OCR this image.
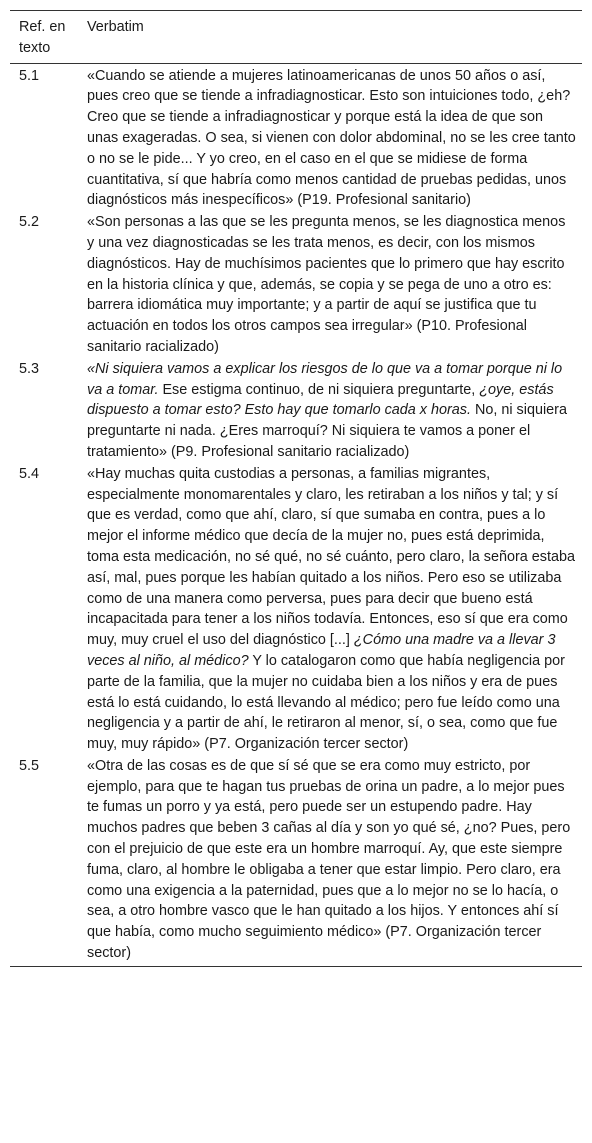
Ref. en texto	Verbatim
5.1	«Cuando se atiende a mujeres latinoamericanas de unos 50 años o así, pues creo que se tiende a infradiagnosticar. Esto son intuiciones todo, ¿eh? Creo que se tiende a infradiagnosticar y porque está la idea de que son unas exageradas. O sea, si vienen con dolor abdominal, no se les cree tanto o no se le pide... Y yo creo, en el caso en el que se midiese de forma cuantitativa, sí que habría como menos cantidad de pruebas pedidas, unos diagnósticos más inespecíficos» (P19. Profesional sanitario)
5.2	«Son personas a las que se les pregunta menos, se les diagnostica menos y una vez diagnosticadas se les trata menos, es decir, con los mismos diagnósticos. Hay de muchísimos pacientes que lo primero que hay escrito en la historia clínica y que, además, se copia y se pega de uno a otro es: barrera idiomática muy importante; y a partir de aquí se justifica que tu actuación en todos los otros campos sea irregular» (P10. Profesional sanitario racializado)
5.3	«Ni siquiera vamos a explicar los riesgos de lo que va a tomar porque ni lo va a tomar. Ese estigma continuo, de ni siquiera preguntarte, ¿oye, estás dispuesto a tomar esto? Esto hay que tomarlo cada x horas. No, ni siquiera preguntarte ni nada. ¿Eres marroquí? Ni siquiera te vamos a poner el tratamiento» (P9. Profesional sanitario racializado)
5.4	«Hay muchas quita custodias a personas, a familias migrantes, especialmente monomarentales y claro, les retiraban a los niños y tal; y sí que es verdad, como que ahí, claro, sí que sumaba en contra, pues a lo mejor el informe médico que decía de la mujer no, pues está deprimida, toma esta medicación, no sé qué, no sé cuánto, pero claro, la señora estaba así, mal, pues porque les habían quitado a los niños. Pero eso se utilizaba como de una manera como perversa, pues para decir que bueno está incapacitada para tener a los niños todavía. Entonces, eso sí que era como muy, muy cruel el uso del diagnóstico [...] ¿Cómo una madre va a llevar 3 veces al niño, al médico? Y lo catalogaron como que había negligencia por parte de la familia, que la mujer no cuidaba bien a los niños y era de pues está lo está cuidando, lo está llevando al médico; pero fue leído como una negligencia y a partir de ahí, le retiraron al menor, sí, o sea, como que fue muy, muy rápido» (P7. Organización tercer sector)
5.5	«Otra de las cosas es de que sí sé que se era como muy estricto, por ejemplo, para que te hagan tus pruebas de orina un padre, a lo mejor pues te fumas un porro y ya está, pero puede ser un estupendo padre. Hay muchos padres que beben 3 cañas al día y son yo qué sé, ¿no? Pues, pero con el prejuicio de que este era un hombre marroquí. Ay, que este siempre fuma, claro, al hombre le obligaba a tener que estar limpio. Pero claro, era como una exigencia a la paternidad, pues que a lo mejor no se lo hacía, o sea, a otro hombre vasco que le han quitado a los hijos. Y entonces ahí sí que había, como mucho seguimiento médico» (P7. Organización tercer sector)
